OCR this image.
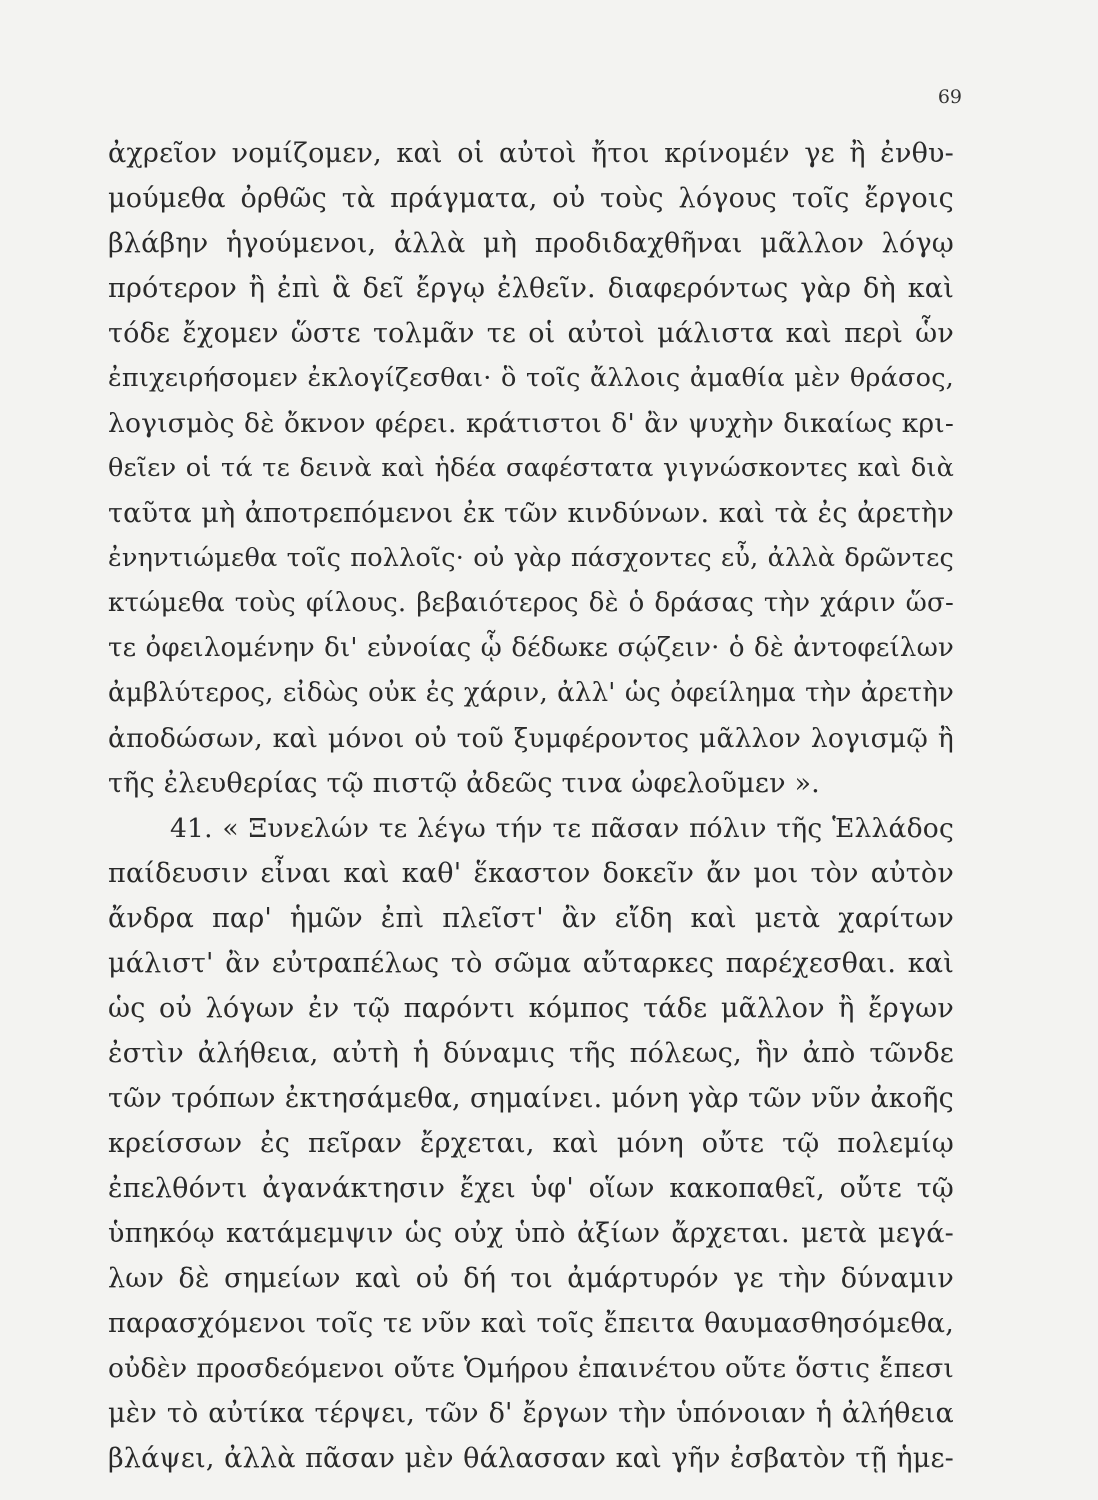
69
ἀχρεῖον νομίζομεν, καὶ οἱ αὐτοὶ ἤτοι κρίνομέν γε ἢ ἐνθυ-
μούμεθα ὀρθῶς τὰ πράγματα, οὐ τοὺς λόγους τοῖς ἔργοις
βλάβην ἡγούμενοι, ἀλλὰ μὴ προδιδαχθῆναι μᾶλλον λόγῳ
πρότερον ἢ ἐπὶ ἃ δεῖ ἔργῳ ἐλθεῖν. διαφερόντως γὰρ δὴ καὶ
τόδε ἔχομεν ὥστε τολμᾶν τε οἱ αὐτοὶ μάλιστα καὶ περὶ ὧν
ἐπιχειρήσομεν ἐκλογίζεσθαι· ὃ τοῖς ἄλλοις ἀμαθία μὲν θράσος,
λογισμὸς δὲ ὄκνον φέρει. κράτιστοι δ' ἂν ψυχὴν δικαίως κρι-
θεῖεν οἱ τά τε δεινὰ καὶ ἡδέα σαφέστατα γιγνώσκοντες καὶ διὰ
ταῦτα μὴ ἀποτρεπόμενοι ἐκ τῶν κινδύνων. καὶ τὰ ἐς ἀρετὴν
ἐνηντιώμεθα τοῖς πολλοῖς· οὐ γὰρ πάσχοντες εὖ, ἀλλὰ δρῶντες
κτώμεθα τοὺς φίλους. βεβαιότερος δὲ ὁ δράσας τὴν χάριν ὥσ-
τε ὀφειλομένην δι' εὐνοίας ᾧ δέδωκε σῴζειν· ὁ δὲ ἀντοφείλων
ἀμβλύτερος, εἰδὼς οὐκ ἐς χάριν, ἀλλ' ὡς ὀφείλημα τὴν ἀρετὴν
ἀποδώσων, καὶ μόνοι οὐ τοῦ ξυμφέροντος μᾶλλον λογισμῷ ἢ
τῆς ἐλευθερίας τῷ πιστῷ ἀδεῶς τινα ὠφελοῦμεν ».
41. « Ξυνελών τε λέγω τήν τε πᾶσαν πόλιν τῆς Ἑλλάδος
παίδευσιν εἶναι καὶ καθ' ἕκαστον δοκεῖν ἄν μοι τὸν αὐτὸν
ἄνδρα παρ' ἡμῶν ἐπὶ πλεῖστ' ἂν εἴδη καὶ μετὰ χαρίτων
μάλιστ' ἂν εὐτραπέλως τὸ σῶμα αὔταρκες παρέχεσθαι. καὶ
ὡς οὐ λόγων ἐν τῷ παρόντι κόμπος τάδε μᾶλλον ἢ ἔργων
ἐστὶν ἀλήθεια, αὐτὴ ἡ δύναμις τῆς πόλεως, ἣν ἀπὸ τῶνδε
τῶν τρόπων ἐκτησάμεθα, σημαίνει. μόνη γὰρ τῶν νῦν ἀκοῆς
κρείσσων ἐς πεῖραν ἔρχεται, καὶ μόνη οὔτε τῷ πολεμίῳ
ἐπελθόντι ἀγανάκτησιν ἔχει ὑφ' οἵων κακοπαθεῖ, οὔτε τῷ
ὑπηκόῳ κατάμεμψιν ὡς οὐχ ὑπὸ ἀξίων ἄρχεται. μετὰ μεγά-
λων δὲ σημείων καὶ οὐ δή τοι ἀμάρτυρόν γε τὴν δύναμιν
παρασχόμενοι τοῖς τε νῦν καὶ τοῖς ἔπειτα θαυμασθησόμεθα,
οὐδὲν προσδεόμενοι οὔτε Ὁμήρου ἐπαινέτου οὔτε ὅστις ἔπεσι
μὲν τὸ αὐτίκα τέρψει, τῶν δ' ἔργων τὴν ὑπόνοιαν ἡ ἀλήθεια
βλάψει, ἀλλὰ πᾶσαν μὲν θάλασσαν καὶ γῆν ἐσβατὸν τῇ ἡμε-
